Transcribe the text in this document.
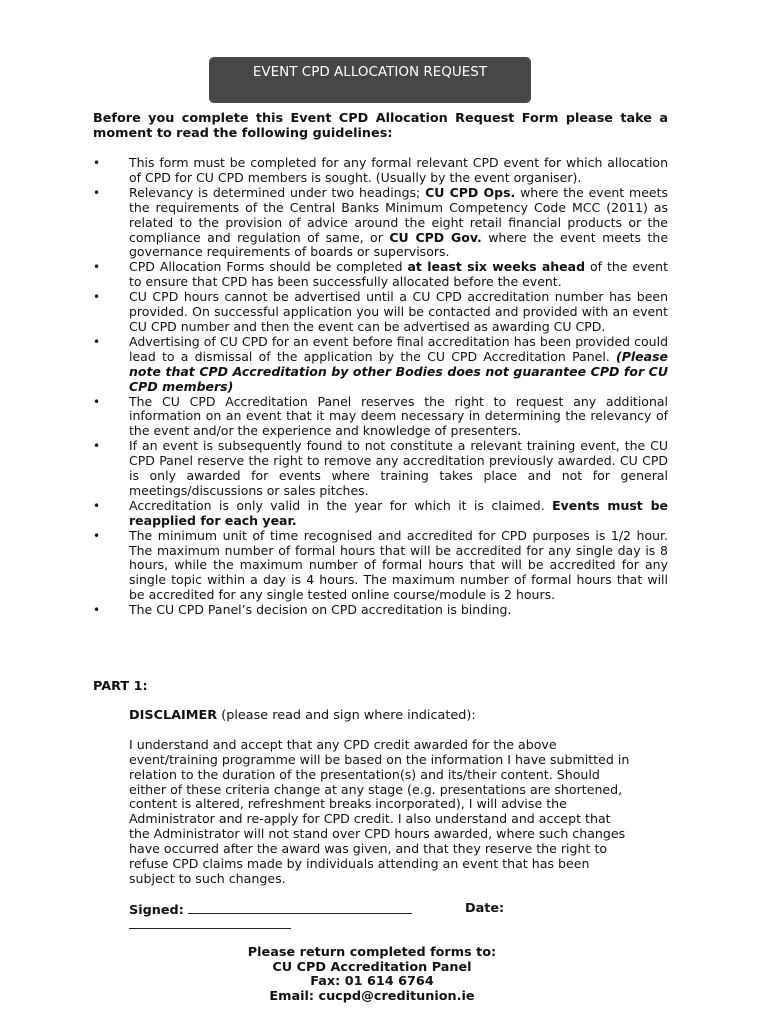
EVENT CPD ALLOCATION REQUEST
Before you complete this Event CPD Allocation Request Form please take a moment to read the following guidelines:
• This form must be completed for any formal relevant CPD event for which allocation of CPD for CU CPD members is sought. (Usually by the event organiser).
• Relevancy is determined under two headings; CU CPD Ops. where the event meets the requirements of the Central Banks Minimum Competency Code MCC (2011) as related to the provision of advice around the eight retail financial products or the compliance and regulation of same, or CU CPD Gov. where the event meets the governance requirements of boards or supervisors.
• CPD Allocation Forms should be completed at least six weeks ahead of the event to ensure that CPD has been successfully allocated before the event.
• CU CPD hours cannot be advertised until a CU CPD accreditation number has been provided. On successful application you will be contacted and provided with an event CU CPD number and then the event can be advertised as awarding CU CPD.
• Advertising of CU CPD for an event before final accreditation has been provided could lead to a dismissal of the application by the CU CPD Accreditation Panel. (Please note that CPD Accreditation by other Bodies does not guarantee CPD for CU CPD members)
• The CU CPD Accreditation Panel reserves the right to request any additional information on an event that it may deem necessary in determining the relevancy of the event and/or the experience and knowledge of presenters.
• If an event is subsequently found to not constitute a relevant training event, the CU CPD Panel reserve the right to remove any accreditation previously awarded. CU CPD is only awarded for events where training takes place and not for general meetings/discussions or sales pitches.
• Accreditation is only valid in the year for which it is claimed. Events must be reapplied for each year.
• The minimum unit of time recognised and accredited for CPD purposes is 1/2 hour. The maximum number of formal hours that will be accredited for any single day is 8 hours, while the maximum number of formal hours that will be accredited for any single topic within a day is 4 hours. The maximum number of formal hours that will be accredited for any single tested online course/module is 2 hours.
• The CU CPD Panel’s decision on CPD accreditation is binding.
PART 1:
DISCLAIMER (please read and sign where indicated):

I understand and accept that any CPD credit awarded for the above

event/training programme will be based on the information I have submitted in

relation to the duration of the presentation(s) and its/their content. Should

either of these criteria change at any stage (e.g. presentations are shortened,

content is altered, refreshment breaks incorporated), I will advise the

Administrator and re-apply for CPD credit. I also understand and accept that

the Administrator will not stand over CPD hours awarded, where such changes

have occurred after the award was given, and that they reserve the right to

refuse CPD claims made by individuals attending an event that has been

subject to such changes.

Signed:	Date:
Please return completed forms to:
CU CPD Accreditation Panel
Fax: 01 614 6764
Email: cucpd@creditunion.ie
